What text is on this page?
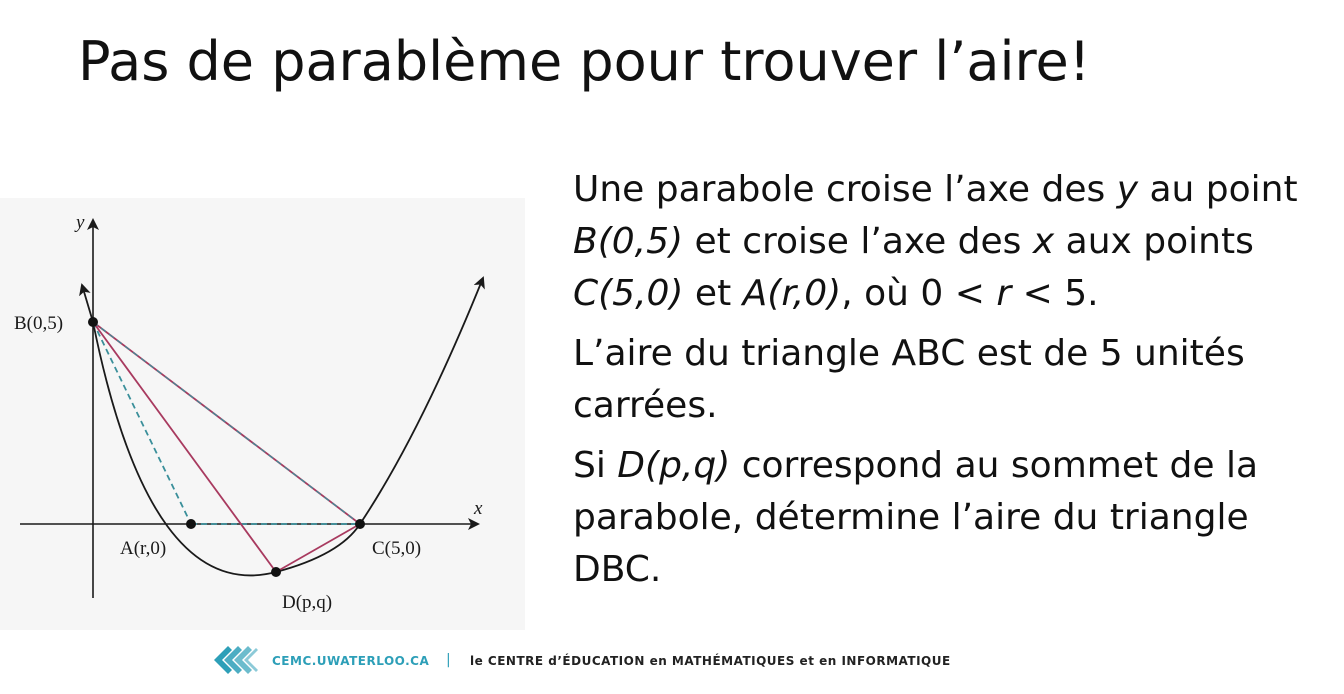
Pas de parablème pour trouver l’aire!
y
x
B(0,5)
A(r,0)	C(5,0)
D(p,q)

Une parabole croise l’axe des y au point B(0,5) et croise l’axe des x aux points C(5,0) et A(r,0), où 0 < r < 5.

L’aire du triangle ABC est de 5 unités carrées.

Si D(p,q) correspond au sommet de la parabole, détermine l’aire du triangle DBC.

CEMC.UWATERLOO.CA | le CENTRE d’ÉDUCATION en MATHÉMATIQUES et en INFORMATIQUE
